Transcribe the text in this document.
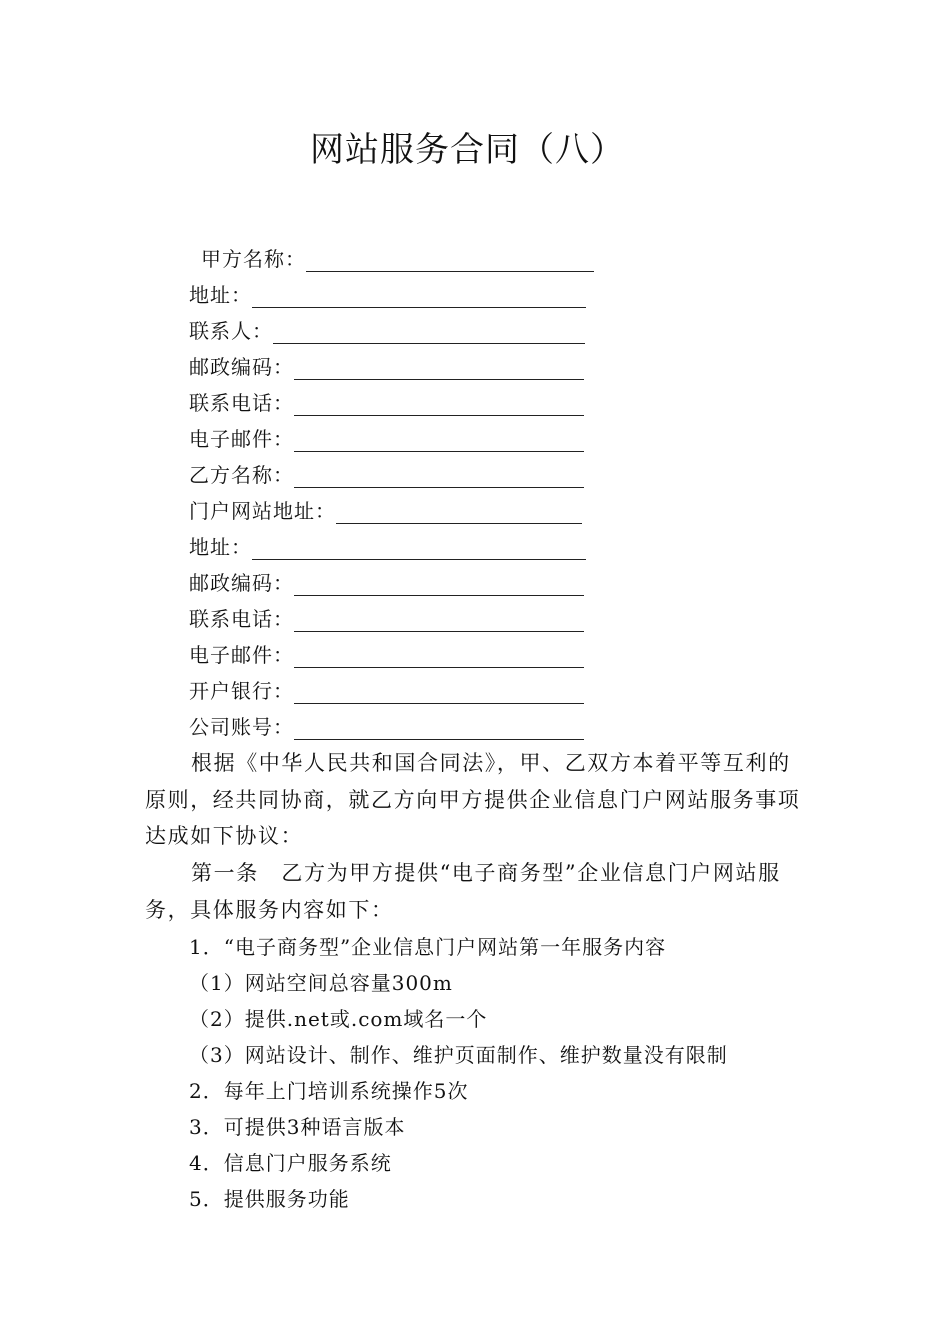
网站服务合同（八）
甲方名称：
地址：
联系人：
邮政编码：
联系电话：
电子邮件：
乙方名称：
门户网站地址：
地址：
邮政编码：
联系电话：
电子邮件：
开户银行：
公司账号：
根据《中华人民共和国合同法》，甲、乙双方本着平等互利的原则，经共同协商，就乙方向甲方提供企业信息门户网站服务事项达成如下协议：
第一条　乙方为甲方提供“电子商务型”企业信息门户网站服务，具体服务内容如下：
1．“电子商务型”企业信息门户网站第一年服务内容
（1）网站空间总容量300m
（2）提供.net或.com域名一个
（3）网站设计、制作、维护页面制作、维护数量没有限制
2．每年上门培训系统操作5次
3．可提供3种语言版本
4．信息门户服务系统
5．提供服务功能
